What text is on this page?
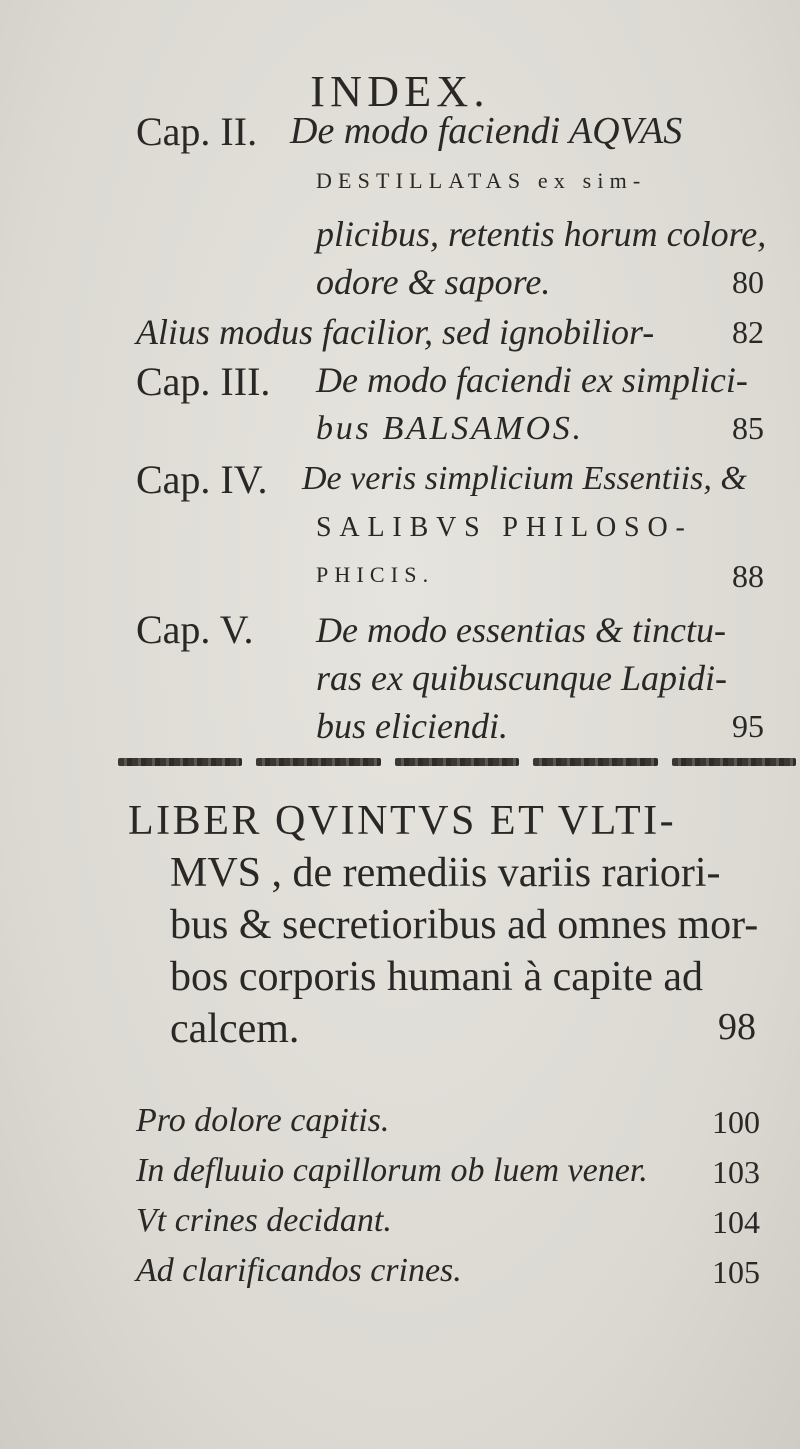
INDEX.
Cap. II. De modo faciendi AQVAS
DESTILLATAS ex sim-
plicibus, retentis horum colore,
odore & sapore.	80
Alius modus facilior, sed ignobilior- 82
Cap. III. De modo faciendi ex simplici-
bus BALSAMOS.	85
Cap. IV. De veris simplicium Essentiis, &
SALIBVS PHILOSO-
PHICIS.	88
Cap. V. De modo essentias & tinctu-
ras ex quibuscunque Lapidi-
bus eliciendi.	95
LIBER QVINTVS ET VLTI-
MVS , de remediis variis rariori-
bus & secretioribus ad omnes mor-
bos corporis humani à capite ad
calcem.	98
Pro dolore capitis.	100
In defluuio capillorum ob luem vener. 103
Vt crines decidant.	104
Ad clarificandos crines.	105
